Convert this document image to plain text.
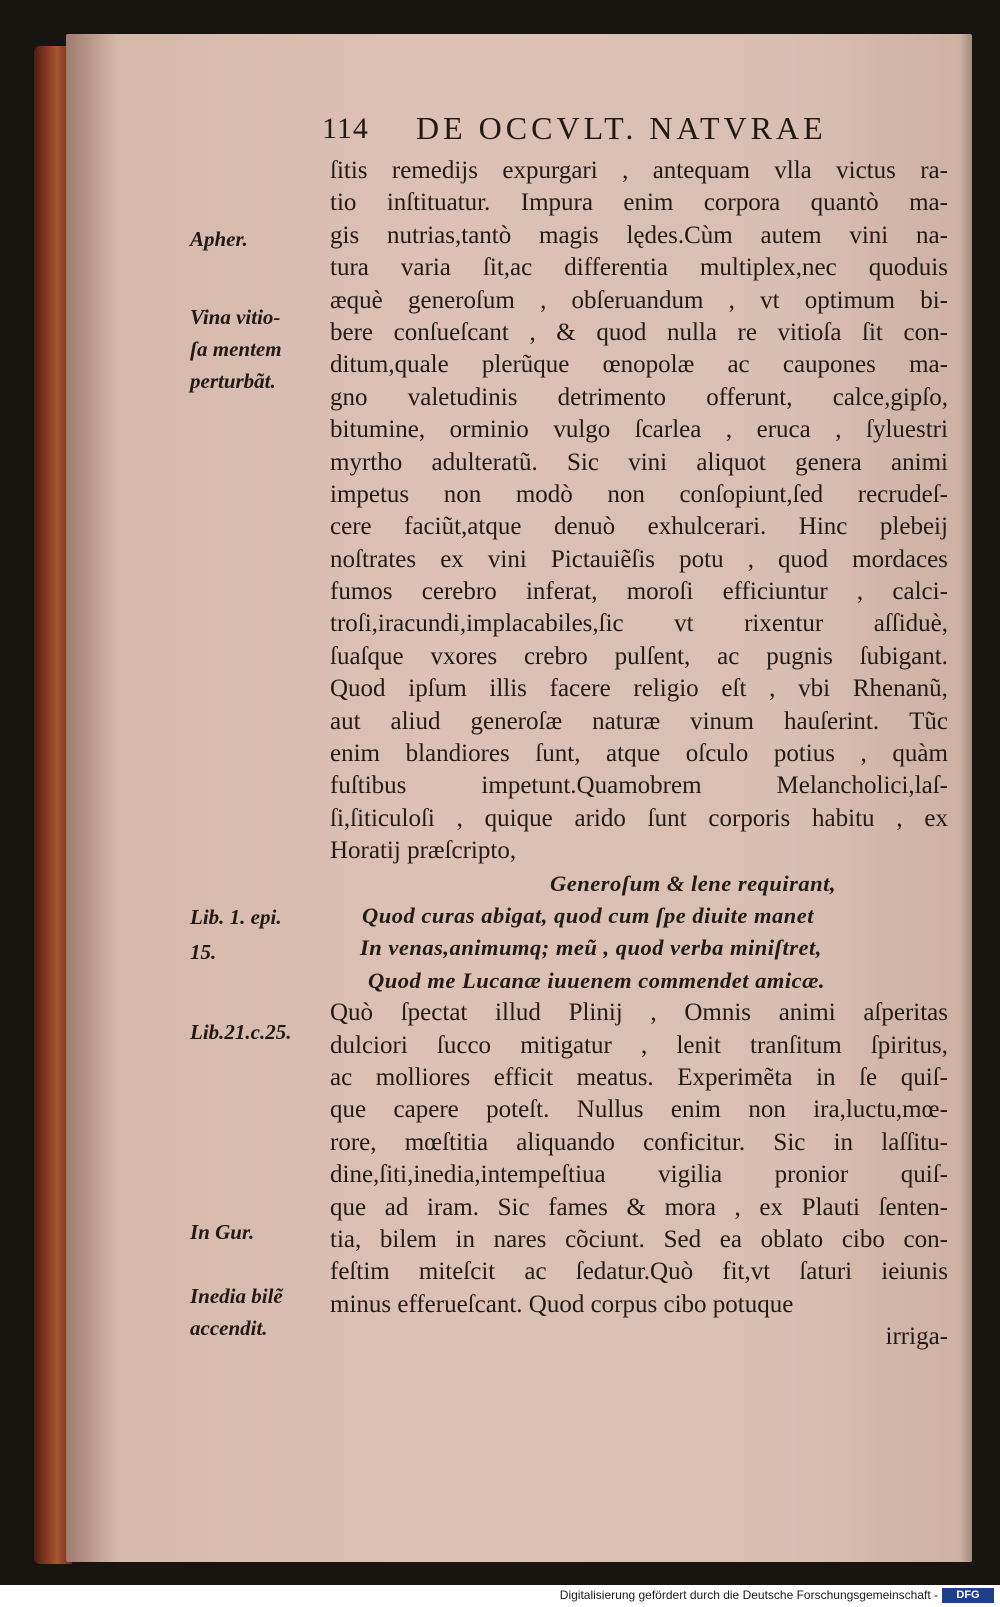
114 DE OCCVLT. NATVRAE
ſitis remedijs expurgari , antequam vlla victus ra-
tio inſtituatur. Impura enim corpora quantò ma-
gis nutrias,tantò magis lędes.Cùm autem vini na-
tura varia ſit,ac differentia multiplex,nec quoduis
æquè generoſum , obſeruandum , vt optimum bi-
bere conſueſcant , & quod nulla re vitioſa ſit con-
ditum,quale plerũque œnopolæ ac caupones ma-
gno valetudinis detrimento offerunt, calce,gipſo,
bitumine, orminio vulgo ſcarlea , eruca , ſyluestri
myrtho adulteratũ. Sic vini aliquot genera animi
impetus non modò non conſopiunt,ſed recrudeſ-
cere faciũt,atque denuò exhulcerari. Hinc plebeij
noſtrates ex vini Pictauiẽſis potu , quod mordaces
fumos cerebro inferat, moroſi efficiuntur , calci-
troſi,iracundi,implacabiles,ſic vt rixentur aſſiduè,
ſuaſque vxores crebro pulſent, ac pugnis ſubigant.
Quod ipſum illis facere religio eſt , vbi Rhenanũ,
aut aliud generoſæ naturæ vinum hauſerint. Tũc
enim blandiores ſunt, atque oſculo potius , quàm
fuſtibus	impetunt.Quamobrem	Melancholici,laſ-
ſi,ſiticuloſi , quique arido ſunt corporis habitu , ex
Horatij præſcripto,
Generoſum & lene requirant,
Quod curas abigat, quod cum ſpe diuite manet
In venas,animumq; meũ , quod verba miniſtret,
Quod me Lucanæ iuuenem commendet amicæ.
Quò ſpectat illud Plinij , Omnis animi aſperitas
dulciori ſucco mitigatur , lenit tranſitum ſpiritus,
ac molliores efficit meatus. Experimẽta in ſe quiſ-
que capere poteſt. Nullus enim non ira,luctu,mœ-
rore, mœſtitia aliquando conficitur. Sic in laſſitu-
dine,ſiti,inedia,intempeſtiua vigilia pronior quiſ-
que ad iram. Sic fames & mora , ex Plauti ſenten-
tia, bilem in nares cõciunt. Sed ea oblato cibo con-
feſtim miteſcit ac ſedatur.Quò fit,vt ſaturi ieiunis
minus efferueſcant. Quod corpus cibo potuque
irriga-
Apher.
Vina vitio-
ſa mentem
perturbãt.
Lib. 1. epi.
15.
Lib.21.c.25.
In Gur.
Inedia bilẽ
accendit.
Digitalisierung gefördert durch die Deutsche Forschungsgemeinschaft -	DFG
